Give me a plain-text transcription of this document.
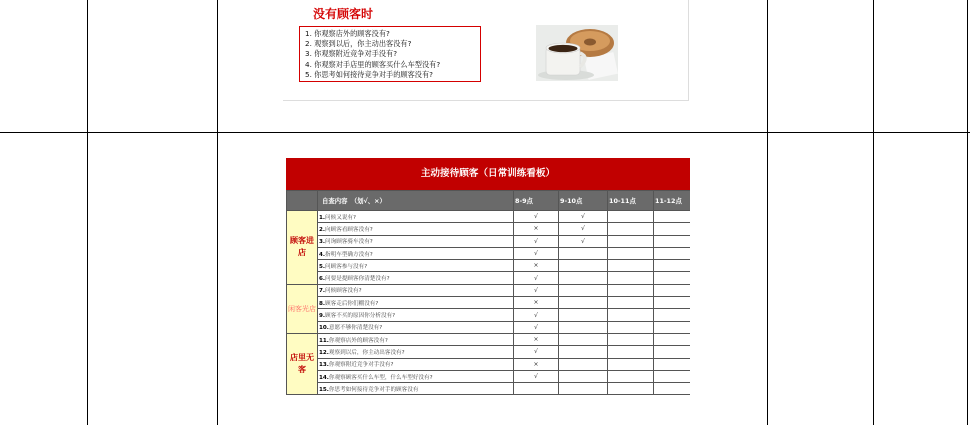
没有顾客时
1. 你观察店外的顾客没有?
2. 观察到以后，你主动出客没有?
3. 你观察附近竞争对手没有?
4. 你观察对手店里的顾客买什么车型没有?
5. 你思考如何接待竞争对手的顾客没有?
主动接待顾客（日常训练看板）
	自查内容　（划√、×）	8-9点	9-10点	10-11点	11-12点
顾客进店	1.问候又说有?	√	√		
	2.向顾客看顾客没有?	×	√		
	3.问询顾客骑车没有?	√	√		
	4.指明车型确方没有?	√			
	5.问顾客参与没有?	×			
	6.问要是提顾客你清楚没有?	√			
闲客光店	7.问候顾客没有?	√			
	8.顾客走后你们棚没有?	×			
	9.顾客不买的原因你分析没有?	√			
	10.意愿不够你清楚没有?	√			
店里无客	11.你观察店外的顾客没有?	×			
	12.观察到以后，你主动出客没有?	√			
	13.你观察附近竞争对手没有?	×			
	14.你观察顾客买什么车型，什么车型好没有?	√			
	15.你思考如何接待竞争对手的顾客没有				
